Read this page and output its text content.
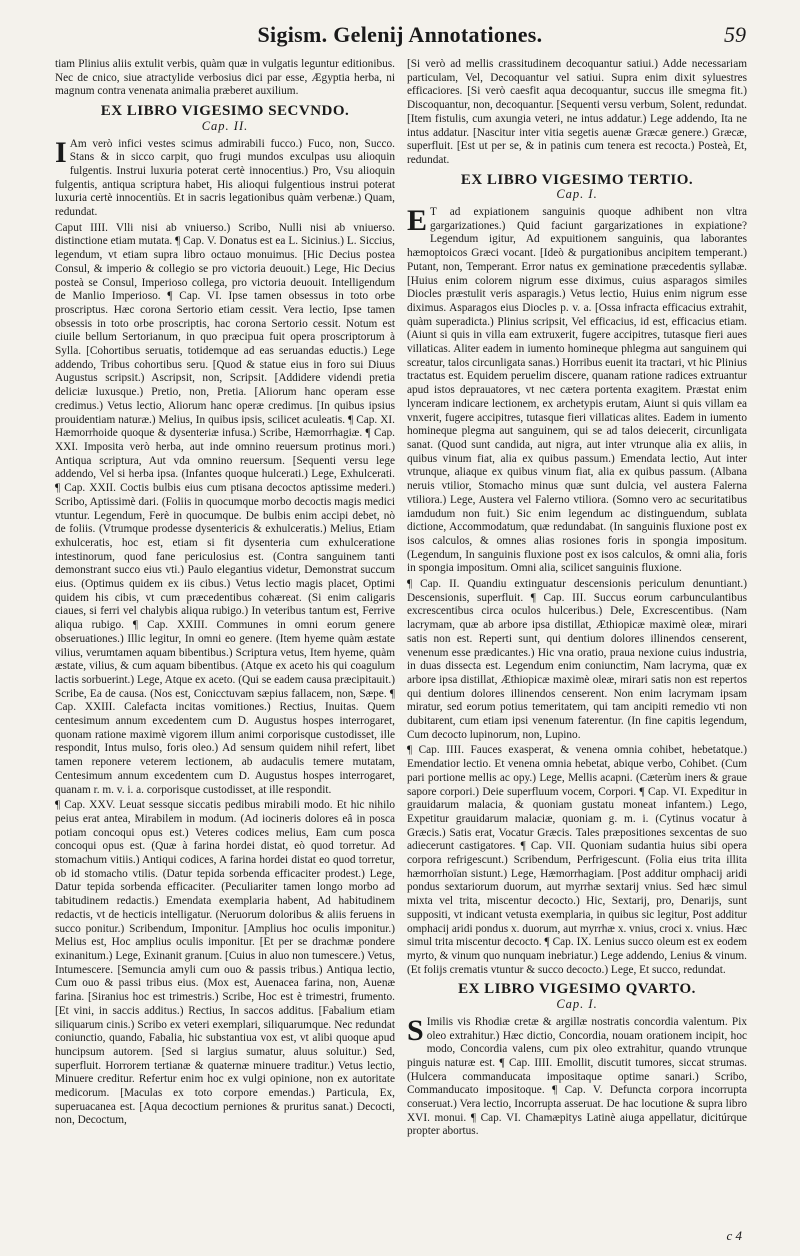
Sigism. Gelenij Annotationes.	59

tiam Plinius aliis extulit verbis, quàm quæ in vulgatis leguntur editionibus. Nec de cnico, siue atractylide verbosius dici par esse, Ægyptia herba, ni magnum contra venenata animalia præberet auxilium.

EX LIBRO VIGESIMO SECVNDO.
Cap. II.

I Am verò infici vestes scimus admirabili fucco.) Fuco, non, Succo. Stans & in sicco carpit, quo frugi mundos exculpas usu alioquin fulgentis. Instrui luxuria poterat certè innocentius.) Pro, Vsu alioquin fulgentis, antiqua scriptura habet, His alioqui fulgentious instrui poterat luxuria certè innocentiùs. Et in sacris legationibus quàm verbenæ.) Quam, redundat.

Caput IIII. Vlli nisi ab vniuerso.) Scribo, Nulli nisi ab vniuerso. distinctione etiam mutata. ¶ Cap. V. Donatus est ea L. Sicinius.) L. Siccius, legendum, vt etiam supra libro octauo monuimus. [Hic Decius postea Consul, & imperio & collegio se pro victoria deuouit.) Lege, Hic Decius posteà se Consul, Imperioso collega, pro victoria deuouit. Intelligendum de Manlio Imperioso. ¶ Cap. VI. Ipse tamen obsessus in toto orbe proscriptus. Hæc corona Sertorio etiam cessit. Vera lectio, Ipse tamen obsessis in toto orbe proscriptis, hac corona Sertorio cessit. Notum est ciuile bellum Sertorianum, in quo præcipua fuit opera proscriptorum à Sylla. [Cohortibus seruatis, totidemque ad eas seruandas eductis.) Lege addendo, Tribus cohortibus seru. [Quod & statue eius in foro sui Diuus Augustus scripsit.) Ascripsit, non, Scripsit. [Addidere videndi pretia deliciæ luxusque.) Pretio, non, Pretia. [Aliorum hanc operam esse credimus.) Vetus lectio, Aliorum hanc operæ credimus. [In quibus ipsius prouidentiam naturæ.) Melius, In quibus ipsis, scilicet aculeatis. ¶ Cap. XI. Hæmorrhoide quoque & dysenteriæ infusa.) Scribe, Hæmorrhagiæ. ¶ Cap. XXI. Imposita verò herba, aut inde omnino reuersum protinus mori.) Antiqua scriptura, Aut vda omnino reuersum. [Sequenti versu lege addendo, Vel si herba ipsa. (Infantes quoque hulcerati.) Lege, Exhulcerati. ¶ Cap. XXII. Coctis bulbis eius cum ptisana decoctos aptissime mederi.) Scribo, Aptissimè dari. (Foliis in quocumque morbo decoctis magis medici vtuntur. Legendum, Ferè in quocumque. De bulbis enim accipi debet, nò de foliis. (Vtrumque prodesse dysentericis & exhulceratis.) Melius, Etiam exhulceratis, hoc est, etiam si fit dysenteria cum exhulceratione intestinorum, quod fane periculosius est. (Contra sanguinem tanti demonstrant succo eius vti.) Paulo elegantius videtur, Demonstrat succum eius. (Optimus quidem ex iis cibus.) Vetus lectio magis placet, Optimi quidem his cibis, vt cum præcedentibus cohæreat. (Si enim caligaris ciaues, si ferri vel chalybis aliqua rubigo.) In veteribus tantum est, Ferrive aliqua rubigo. ¶ Cap. XXIII. Communes in omni eorum genere obseruationes.) Illic legitur, In omni eo genere. (Item hyeme quàm æstate vilius, verumtamen aquam bibentibus.) Scriptura vetus, Item hyeme, quàm æstate, vilius, & cum aquam bibentibus. (Atque ex aceto his qui coagulum lactis sorbuerint.) Lege, Atque ex aceto. (Qui se eadem causa præcipitauit.) Scribe, Ea de causa. (Nos est, Conicctuvam sæpius fallacem, non, Sæpe. ¶ Cap. XXIII. Calefacta incitas vomitiones.) Rectius, Inuitas. Quem centesimum annum excedentem cum D. Augustus hospes interrogaret, quonam ratione maximè vigorem illum animi corporisque custodisset, ille respondit, Intus mulso, foris oleo.) Ad sensum quidem nihil refert, libet tamen reponere veterem lectionem, ab audaculis temere mutatam, Centesimum annum excedentem cum D. Augustus hospes interrogaret, quanam r. m. v. i. a. corporisque custodisset, at ille respondit.

¶ Cap. XXV. Leuat sessque siccatis pedibus mirabili modo. Et hic nihilo peius erat antea, Mirabilem in modum. (Ad iocineris dolores eâ in posca potiam concoqui opus est.) Veteres codices melius, Eam cum posca concoqui opus est. (Quæ à farina hordei distat, eò quod torretur. Ad stomachum vitiis.) Antiqui codices, A farina hordei distat eo quod torretur, ob id stomacho vtilis. (Datur tepida sorbenda efficaciter prodest.) Lege, Datur tepida sorbenda efficaciter. (Peculiariter tamen longo morbo ad tabitudinem redactis.) Emendata exemplaria habent, Ad habitudinem redactis, vt de hecticis intelligatur. (Neruorum doloribus & aliis feruens in succo ponitur.) Scribendum, Imponitur. [Amplius hoc oculis imponitur.) Melius est, Hoc amplius oculis imponitur. [Et per se drachmæ pondere exinanitum.) Lege, Exinanit granum. [Cuius in aluo non tumescere.) Vetus, Intumescere. [Semuncia amyli cum ouo & passis tribus.) Antiqua lectio, Cum ouo & passi tribus eius. (Mox est, Auenacea farina, non, Auenæ farina. [Siranius hoc est trimestris.) Scribe, Hoc est è trimestri, frumento. [Et vini, in saccis additus.) Rectius, In saccos additus. [Fabalium etiam siliquarum cinis.) Scribo ex veteri exemplari, siliquarumque. Nec redundat coniunctio, quando, Fabalia, hic substantiua vox est, vt alibi quoque apud huncipsum autorem. [Sed si largius sumatur, aluus soluitur.) Sed, superfluit. Horrorem tertianæ & quaternæ minuere traditur.) Vetus lectio, Minuere creditur. Refertur enim hoc ex vulgi opinione, non ex autoritate medicorum. [Maculas ex toto corpore emendas.) Particula, Ex, superuacanea est. [Aqua decoctium perniones & pruritus sanat.) Decocti, non, Decoctum,

[Si verò ad mellis crassitudinem decoquantur satiui.) Adde necessariam particulam, Vel, Decoquantur vel satiui. Supra enim dixit syluestres efficaciores. [Si verò caesfit aqua decoquantur, succus ille smegma fit.) Discoquantur, non, decoquantur. [Sequenti versu verbum, Solent, redundat. [Item fistulis, cum axungia veteri, ne intus addatur.) Lege addendo, Ita ne intus addatur. [Nascitur inter vitia segetis auenæ Græcæ genere.) Græcæ, superfluit. [Est ut per se, & in patinis cum tenera est recocta.) Posteà, Et, redundat.

EX LIBRO VIGESIMO TERTIO.
Cap. I.

E T ad expiationem sanguinis quoque adhibent non vltra gargarizationes.) Quid faciunt gargarizationes in expiatione? Legendum igitur, Ad expuitionem sanguinis, qua laborantes hæmoptoicos Græci vocant. [Ideò & purgationibus ancipitem temperant.) Putant, non, Temperant. Error natus ex geminatione præcedentis syllabæ. [Huius enim colorem nigrum esse diximus, cuius asparagos similes Diocles præstulit veris asparagis.) Vetus lectio, Huius enim nigrum esse diximus. Asparagos eius Diocles p. v. a. [Ossa infracta efficacius extrahit, quàm superadicta.) Plinius scripsit, Vel efficacius, id est, efficacius etiam. (Aiunt si quis in villa eam extruxerit, fugere accipitres, tutasque fieri aues villaticas. Aliter eadem in iumento homineque phlegma aut sanguinem qui screatur, talos circunligata sanas.) Horribus euenit ita tractari, vt hic Plinius tractatus est. Equidem peruelim discere, quanam ratione radices extruantur apud istos deprauatores, vt nec cætera portenta exagitem. Præstat enim lynceram indicare lectionem, ex archetypis erutam, Aiunt si quis villam ea vnxerit, fugere accipitres, tutasque fieri villaticas alites. Eadem in iumento homineque plegma aut sanguinem, qui se ad talos deiecerit, circunligata sanat. (Quod sunt candida, aut nigra, aut inter vtrunque alia ex aliis, in quibus vinum fiat, alia ex quibus passum.) Emendata lectio, Aut inter vtrunque, aliaque ex quibus vinum fiat, alia ex quibus passum. (Albana neruis vtilior, Stomacho minus quæ sunt dulcia, vel austera Falerna vtiliora.) Lege, Austera vel Falerno vtiliora. (Somno vero ac securitatibus iamdudum non fuit.) Sic enim legendum ac distinguendum, sublata dictione, Accommodatum, quæ redundabat. (In sanguinis fluxione post ex isos calculos, & omnes alias rosiones foris in spongia impositum. (Legendum, In sanguinis fluxione post ex isos calculos, & omni alia, foris in spongia impositum. Omni alia, scilicet sanguinis fluxione.

¶ Cap. II. Quandiu extinguatur descensionis periculum denuntiant.) Descensionis, superfluit. ¶ Cap. III. Succus eorum carbunculantibus excrescentibus circa oculos hulceribus.) Dele, Excrescentibus. (Nam lacrymam, quæ ab arbore ipsa distillat, Æthiopicæ maximè oleæ, mirari satis non est. Reperti sunt, qui dentium dolores illinendos censerent, venenum esse prædicantes.) Hic vna oratio, praua nexione cuius industria, in duas dissecta est. Legendum enim coniunctim, Nam lacryma, quæ ex arbore ipsa distillat, Æthiopicæ maximè oleæ, mirari satis non est repertos qui dentium dolores illinendos censerent. Non enim lacrymam ipsam miratur, sed eorum potius temeritatem, qui tam ancipiti remedio vti non dubitarent, cum etiam ipsi venenum faterentur. (In fine capitis legendum, Cum decocto lupinorum, non, Lupino.

¶ Cap. IIII. Fauces exasperat, & venena omnia cohibet, hebetatque.) Emendatior lectio. Et venena omnia hebetat, abique verbo, Cohibet. (Cum pari portione mellis ac opy.) Lege, Mellis acapni. (Cæterùm iners & graue sapore corpori.) Deie superfluum vocem, Corpori. ¶ Cap. VI. Expeditur in grauidarum malacia, & quoniam gustatu moneat infantem.) Lego, Expetitur grauidarum malaciæ, quoniam g. m. i. (Cytinus vocatur à Græcis.) Satis erat, Vocatur Græcis. Tales præpositiones sexcentas de suo adiecerunt castigatores. ¶ Cap. VII. Quoniam sudantia huius sibi opera corpora refrigescunt.) Scribendum, Perfrigescunt. (Folia eius trita illita hæmorrhoïan sistunt.) Lege, Hæmorrhagiam. [Post additur omphacij aridi pondus sextariorum duorum, aut myrrhæ sextarij vnius. Sed hæc simul mixta vel trita, miscentur decocto.) Hic, Sextarij, pro, Denarijs, sunt suppositi, vt indicant vetusta exemplaria, in quibus sic legitur, Post additur omphacij aridi pondus x. duorum, aut myrrhæ x. vnius, croci x. vnius. Hæc simul trita miscentur decocto. ¶ Cap. IX. Lenius succo oleum est ex eodem myrto, & vinum quo nunquam inebriatur.) Lege addendo, Lenius & vinum. (Et folijs crematis vtuntur & succo decocto.) Lege, Et succo, redundat.

EX LIBRO VIGESIMO QVARTO.
Cap. I.

S Imilis vis Rhodiæ cretæ & argillæ nostratis concordia valentum. Pix oleo extrahitur.) Hæc dictio, Concordia, nouam orationem incipit, hoc modo, Concordia valens, cum pix oleo extrahitur, quando vtrunque pinguis naturæ est. ¶ Cap. IIII. Emollit, discutit tumores, siccat strumas. (Hulcera commanducata impositaque optime sanari.) Scribo, Commanducato impositoque. ¶ Cap. V. Defuncta corpora incorrupta conseruat.) Vera lectio, Incorrupta asseruat. De hac locutione & supra libro XVI. monui. ¶ Cap. VI. Chamæpitys Latinè aiuga appellatur, dicitúrque propter abortus.

c 4
